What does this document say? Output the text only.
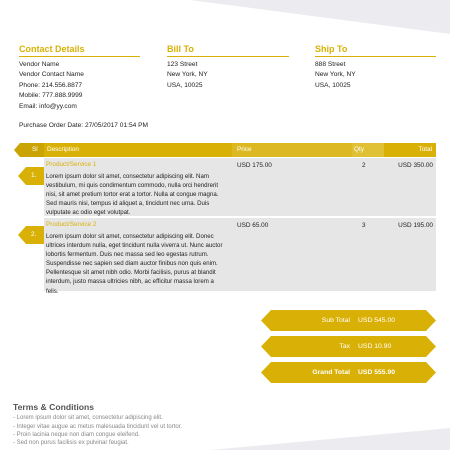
Contact Details
Vendor Name
Vendor Contact Name
Phone: 214.556.8877
Mobile: 777.888.9999
Email: info@yy.com
Bill To
123 Street
New York, NY
USA, 10025
Ship To
888 Street
New York, NY
USA, 10025
Purchase Order Date: 27/05/2017 01:54 PM
Sl Description	Price	Qty	Total
1.
Product/Service 1
Lorem ipsum dolor sit amet, consectetur adipiscing elit. Nam vestibulum, mi quis condimentum commodo, nulla orci hendrerit nisi, sit amet pretium tortor erat a tortor. Nulla at congue magna. Sed mauris nisi, tempus id aliquet a, tincidunt nec urna. Duis vulputate ac odio eget volutpat.
USD 175.00	2	USD 350.00
2.
Product/Service 2
Lorem ipsum dolor sit amet, consectetur adipiscing elit. Donec ultrices interdum nulla, eget tincidunt nulla viverra ut. Nunc auctor lobortis fermentum. Duis nec massa sed leo egestas rutrum. Suspendisse nec sapien sed diam auctor finibus non quis enim. Pellentesque sit amet nibh odio. Morbi facilisis, purus at blandit interdum, justo massa ultricies nibh, ac efficitur massa lorem a felis.
USD 65.00	3	USD 195.00
Sub Total USD 545.00
Tax USD 10.90
Grand Total USD 555.90
Terms & Conditions
- Lorem ipsum dolor sit amet, consectetur adipiscing elit.
- Integer vitae augue ac metus malesuada tincidunt vel ut tortor.
- Proin lacinia neque non diam congue eleifend.
- Sed non purus facilisis ex pulvinar feugiat.
